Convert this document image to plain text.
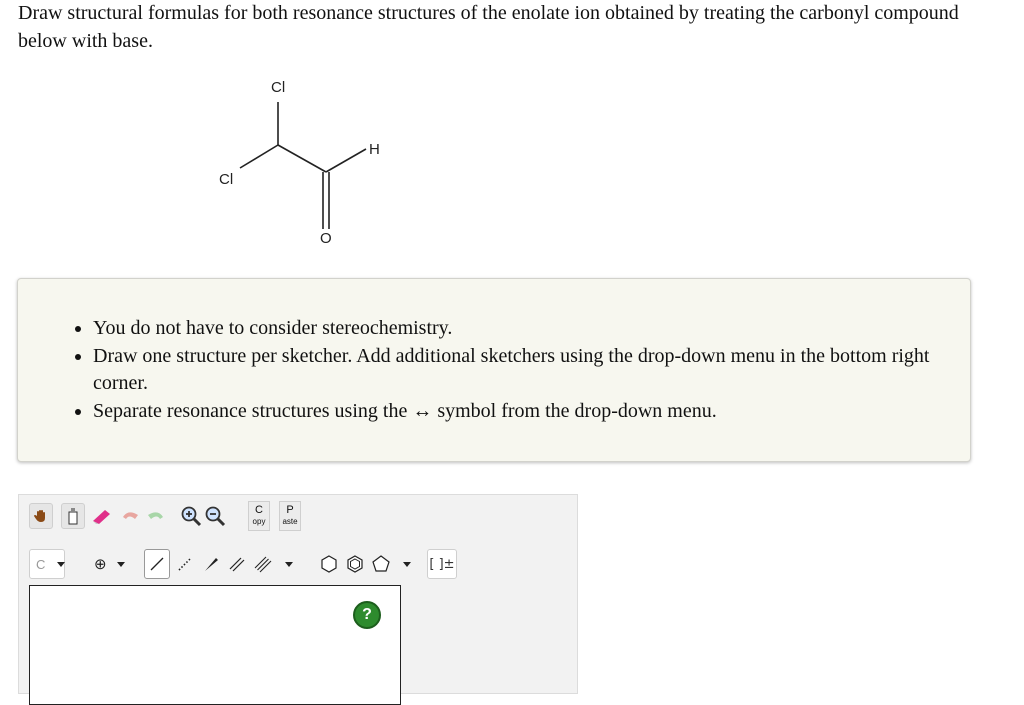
Draw structural formulas for both resonance structures of the enolate ion obtained by treating the carbonyl compound below with base.

Cl
Cl
H
O
• You do not have to consider stereochemistry.
• Draw one structure per sketcher. Add additional sketchers using the drop-down menu in the bottom right corner.
• Separate resonance structures using the ↔ symbol from the drop-down menu.
C
opy
P
aste
C	⊕	[ ]±
?
